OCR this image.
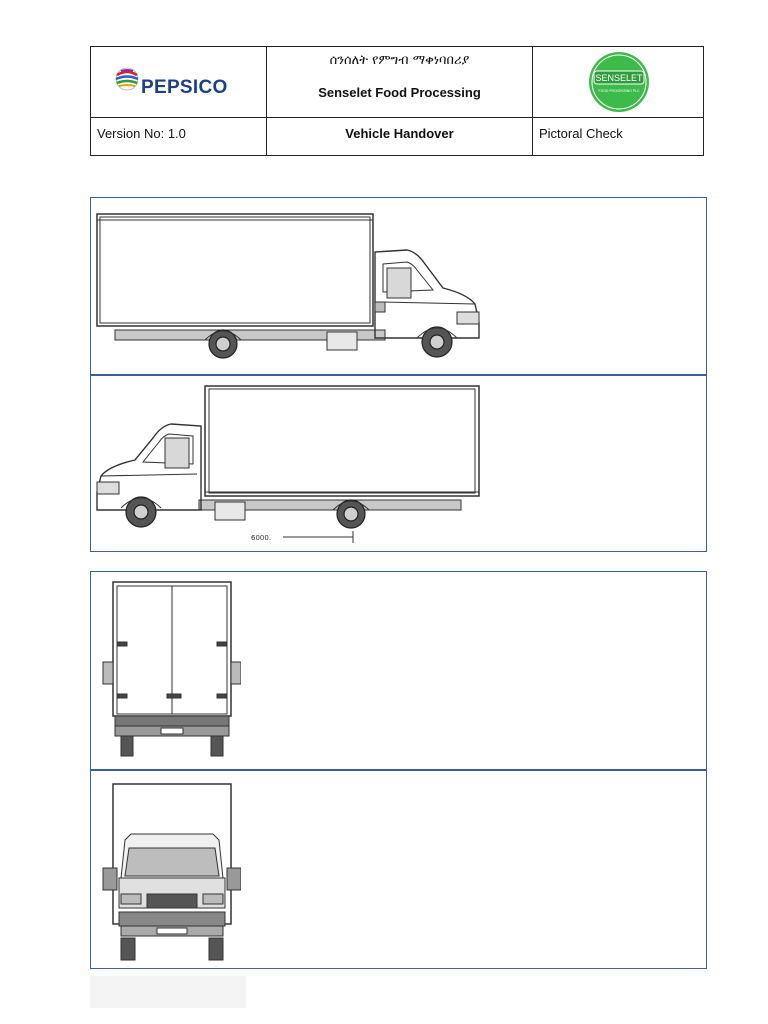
PEPSICO
ሰንሰለት የምግብ ማቀነባበሪያ
Senselet Food Processing
SENSELET
FOOD PROCESSING PLC
Version No: 1.0	Vehicle Handover	Pictoral Check
6000.
